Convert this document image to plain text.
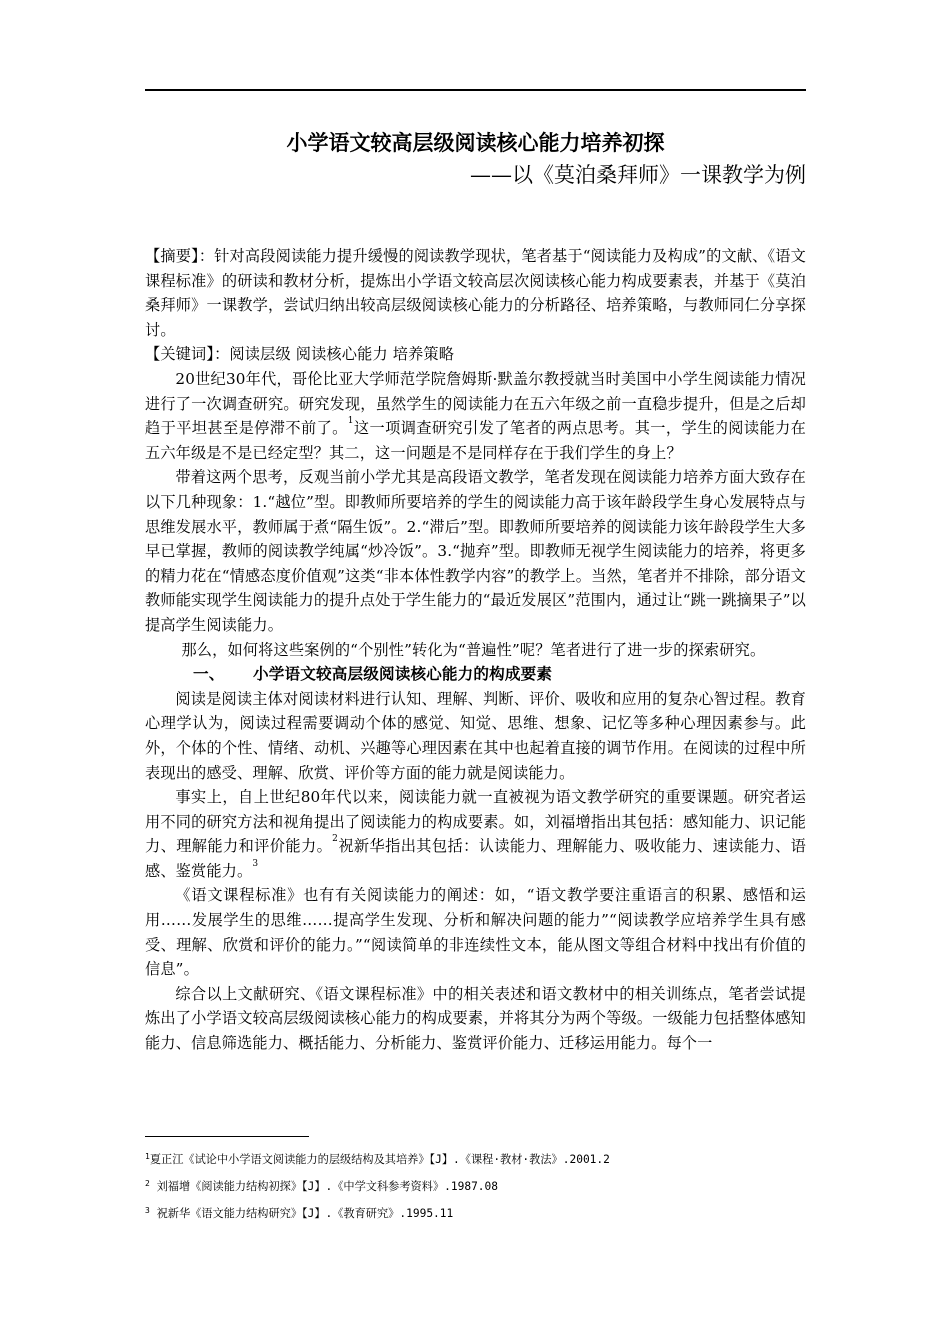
小学语文较高层级阅读核心能力培养初探
——以《莫泊桑拜师》一课教学为例

【摘要】：针对高段阅读能力提升缓慢的阅读教学现状，笔者基于“阅读能力及构成”的文献、《语文课程标准》的研读和教材分析，提炼出小学语文较高层次阅读核心能力构成要素表，并基于《莫泊桑拜师》一课教学，尝试归纳出较高层级阅读核心能力的分析路径、培养策略，与教师同仁分享探讨。

【关键词】：阅读层级 阅读核心能力 培养策略

20世纪30年代，哥伦比亚大学师范学院詹姆斯·默盖尔教授就当时美国中小学生阅读能力情况进行了一次调查研究。研究发现，虽然学生的阅读能力在五六年级之前一直稳步提升，但是之后却趋于平坦甚至是停滞不前了。$^1$这一项调查研究引发了笔者的两点思考。其一，学生的阅读能力在五六年级是不是已经定型？其二，这一问题是不是同样存在于我们学生的身上？

带着这两个思考，反观当前小学尤其是高段语文教学，笔者发现在阅读能力培养方面大致存在以下几种现象：1.“越位”型。即教师所要培养的学生的阅读能力高于该年龄段学生身心发展特点与思维发展水平，教师属于煮“隔生饭”。2.“滞后”型。即教师所要培养的阅读能力该年龄段学生大多早已掌握，教师的阅读教学纯属“炒冷饭”。3.“抛弃”型。即教师无视学生阅读能力的培养，将更多的精力花在“情感态度价值观”这类“非本体性教学内容”的教学上。当然，笔者并不排除，部分语文教师能实现学生阅读能力的提升点处于学生能力的“最近发展区”范围内，通过让“跳一跳摘果子”以提高学生阅读能力。

那么，如何将这些案例的“个别性”转化为“普遍性”呢？笔者进行了进一步的探索研究。

一、 小学语文较高层级阅读核心能力的构成要素

阅读是阅读主体对阅读材料进行认知、理解、判断、评价、吸收和应用的复杂心智过程。教育心理学认为，阅读过程需要调动个体的感觉、知觉、思维、想象、记忆等多种心理因素参与。此外，个体的个性、情绪、动机、兴趣等心理因素在其中也起着直接的调节作用。在阅读的过程中所表现出的感受、理解、欣赏、评价等方面的能力就是阅读能力。

事实上，自上世纪80年代以来，阅读能力就一直被视为语文教学研究的重要课题。研究者运用不同的研究方法和视角提出了阅读能力的构成要素。如，刘福增指出其包括：感知能力、识记能力、理解能力和评价能力。$^2$祝新华指出其包括：认读能力、理解能力、吸收能力、速读能力、语感、鉴赏能力。$^3$

《语文课程标准》也有有关阅读能力的阐述：如，“语文教学要注重语言的积累、感悟和运用……发展学生的思维……提高学生发现、分析和解决问题的能力”“阅读教学应培养学生具有感受、理解、欣赏和评价的能力。”“阅读简单的非连续性文本，能从图文等组合材料中找出有价值的信息”。

综合以上文献研究、《语文课程标准》中的相关表述和语文教材中的相关训练点，笔者尝试提炼出了小学语文较高层级阅读核心能力的构成要素，并将其分为两个等级。一级能力包括整体感知能力、信息筛选能力、概括能力、分析能力、鉴赏评价能力、迁移运用能力。每个一

$^1$夏正江《试论中小学语文阅读能力的层级结构及其培养》【J】.《课程·教材·教法》.2001.2

$^2$ 刘福增《阅读能力结构初探》【J】.《中学文科参考资料》.1987.08

$^3$ 祝新华《语文能力结构研究》【J】.《教育研究》.1995.11
